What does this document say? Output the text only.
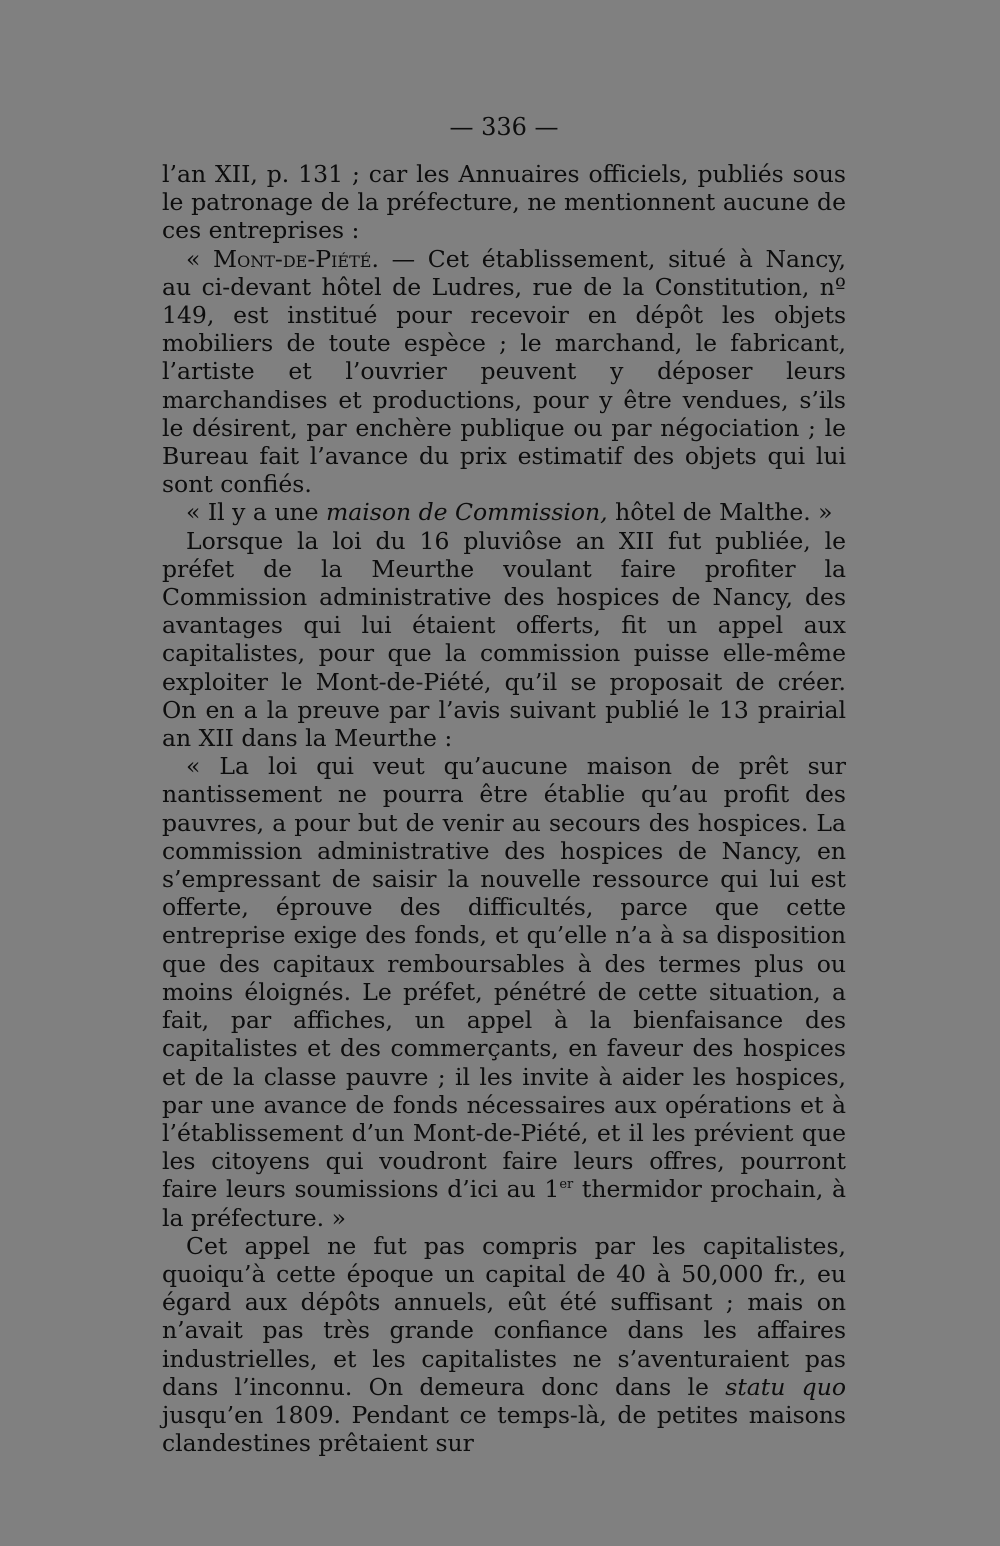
— 336 —

l’an XII, p. 131 ; car les Annuaires officiels, publiés sous le patronage de la préfecture, ne mentionnent aucune de ces entreprises :

« Mont-de-Piété. — Cet établissement, situé à Nancy, au ci-devant hôtel de Ludres, rue de la Constitution, nº 149, est institué pour recevoir en dépôt les objets mobiliers de toute espèce ; le marchand, le fabricant, l’artiste et l’ouvrier peuvent y déposer leurs marchandises et productions, pour y être vendues, s’ils le désirent, par enchère publique ou par négociation ; le Bureau fait l’avance du prix estimatif des objets qui lui sont confiés.

« Il y a une maison de Commission, hôtel de Malthe. »

Lorsque la loi du 16 pluviôse an XII fut publiée, le préfet de la Meurthe voulant faire profiter la Commission administrative des hospices de Nancy, des avantages qui lui étaient offerts, fit un appel aux capitalistes, pour que la commission puisse elle-même exploiter le Mont-de-Piété, qu’il se proposait de créer. On en a la preuve par l’avis suivant publié le 13 prairial an XII dans la Meurthe :

« La loi qui veut qu’aucune maison de prêt sur nantissement ne pourra être établie qu’au profit des pauvres, a pour but de venir au secours des hospices. La commission administrative des hospices de Nancy, en s’empressant de saisir la nouvelle ressource qui lui est offerte, éprouve des difficultés, parce que cette entreprise exige des fonds, et qu’elle n’a à sa disposition que des capitaux remboursables à des termes plus ou moins éloignés. Le préfet, pénétré de cette situation, a fait, par affiches, un appel à la bienfaisance des capitalistes et des commerçants, en faveur des hospices et de la classe pauvre ; il les invite à aider les hospices, par une avance de fonds nécessaires aux opérations et à l’établissement d’un Mont-de-Piété, et il les prévient que les citoyens qui voudront faire leurs offres, pourront faire leurs soumissions d’ici au 1er thermidor prochain, à la préfecture. »

Cet appel ne fut pas compris par les capitalistes, quoiqu’à cette époque un capital de 40 à 50,000 fr., eu égard aux dépôts annuels, eût été suffisant ; mais on n’avait pas très grande confiance dans les affaires industrielles, et les capitalistes ne s’aventuraient pas dans l’inconnu. On demeura donc dans le statu quo jusqu’en 1809. Pendant ce temps-là, de petites maisons clandestines prêtaient sur
